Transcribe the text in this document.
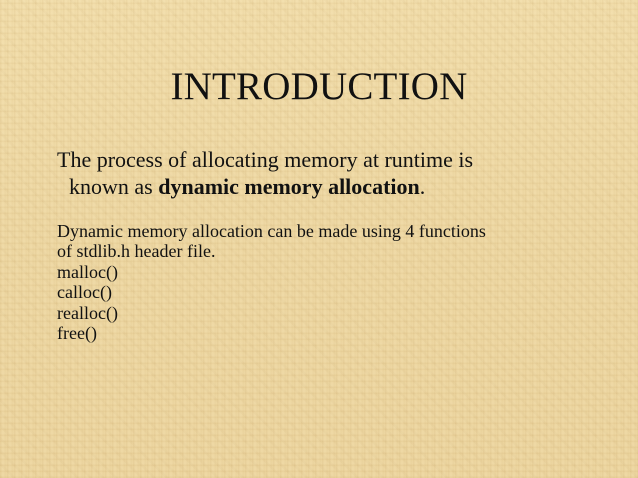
INTRODUCTION
The process of allocating memory at runtime is
known as dynamic memory allocation.
Dynamic memory allocation can be made using 4 functions
of stdlib.h header file.
malloc()
calloc()
realloc()
free()
